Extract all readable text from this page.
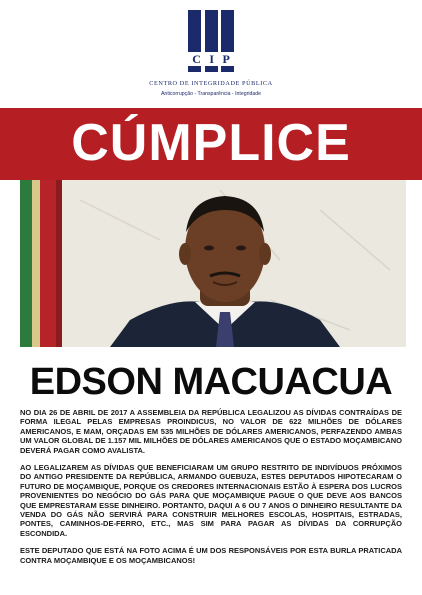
C I P
CENTRO DE INTEGRIDADE PÚBLICA
Anticorrupção - Transparência - Integridade
CÚMPLICE
EDSON MACUACUA

NO DIA 26 DE ABRIL DE 2017 A ASSEMBLEIA DA REPÚBLICA LEGALIZOU AS DÍVIDAS CONTRAÍDAS DE FORMA ILEGAL PELAS EMPRESAS PROINDICUS, NO VALOR DE 622 MILHÕES DE DÓLARES AMERICANOS, E MAM, ORÇADAS EM 535 MILHÕES DE DÓLARES AMERICANOS, PERFAZENDO AMBAS UM VALOR GLOBAL DE 1.157 MIL MILHÕES DE DÓLARES AMERICANOS QUE O ESTADO MOÇAMBICANO DEVERÁ PAGAR COMO AVALISTA.

AO LEGALIZAREM AS DÍVIDAS QUE BENEFICIARAM UM GRUPO RESTRITO DE INDIVÍDUOS PRÓXIMOS DO ANTIGO PRESIDENTE DA REPÚBLICA, ARMANDO GUEBUZA, ESTES DEPUTADOS HIPOTECARAM O FUTURO DE MOÇAMBIQUE, PORQUE OS CREDORES INTERNACIONAIS ESTÃO À ESPERA DOS LUCROS PROVENIENTES DO NEGÓCIO DO GÁS PARA QUE MOÇAMBIQUE PAGUE O QUE DEVE AOS BANCOS QUE EMPRESTARAM ESSE DINHEIRO. PORTANTO, DAQUI A 6 OU 7 ANOS O DINHEIRO RESULTANTE DA VENDA DO GÁS NÃO SERVIRÁ PARA CONSTRUIR MELHORES ESCOLAS, HOSPITAIS, ESTRADAS, PONTES, CAMINHOS-DE-FERRO, ETC., MAS SIM PARA PAGAR AS DÍVIDAS DA CORRUPÇÃO ESCONDIDA.

ESTE DEPUTADO QUE ESTÁ NA FOTO ACIMA É UM DOS RESPONSÁVEIS POR ESTA BURLA PRATICADA CONTRA MOÇAMBIQUE E OS MOÇAMBICANOS!
